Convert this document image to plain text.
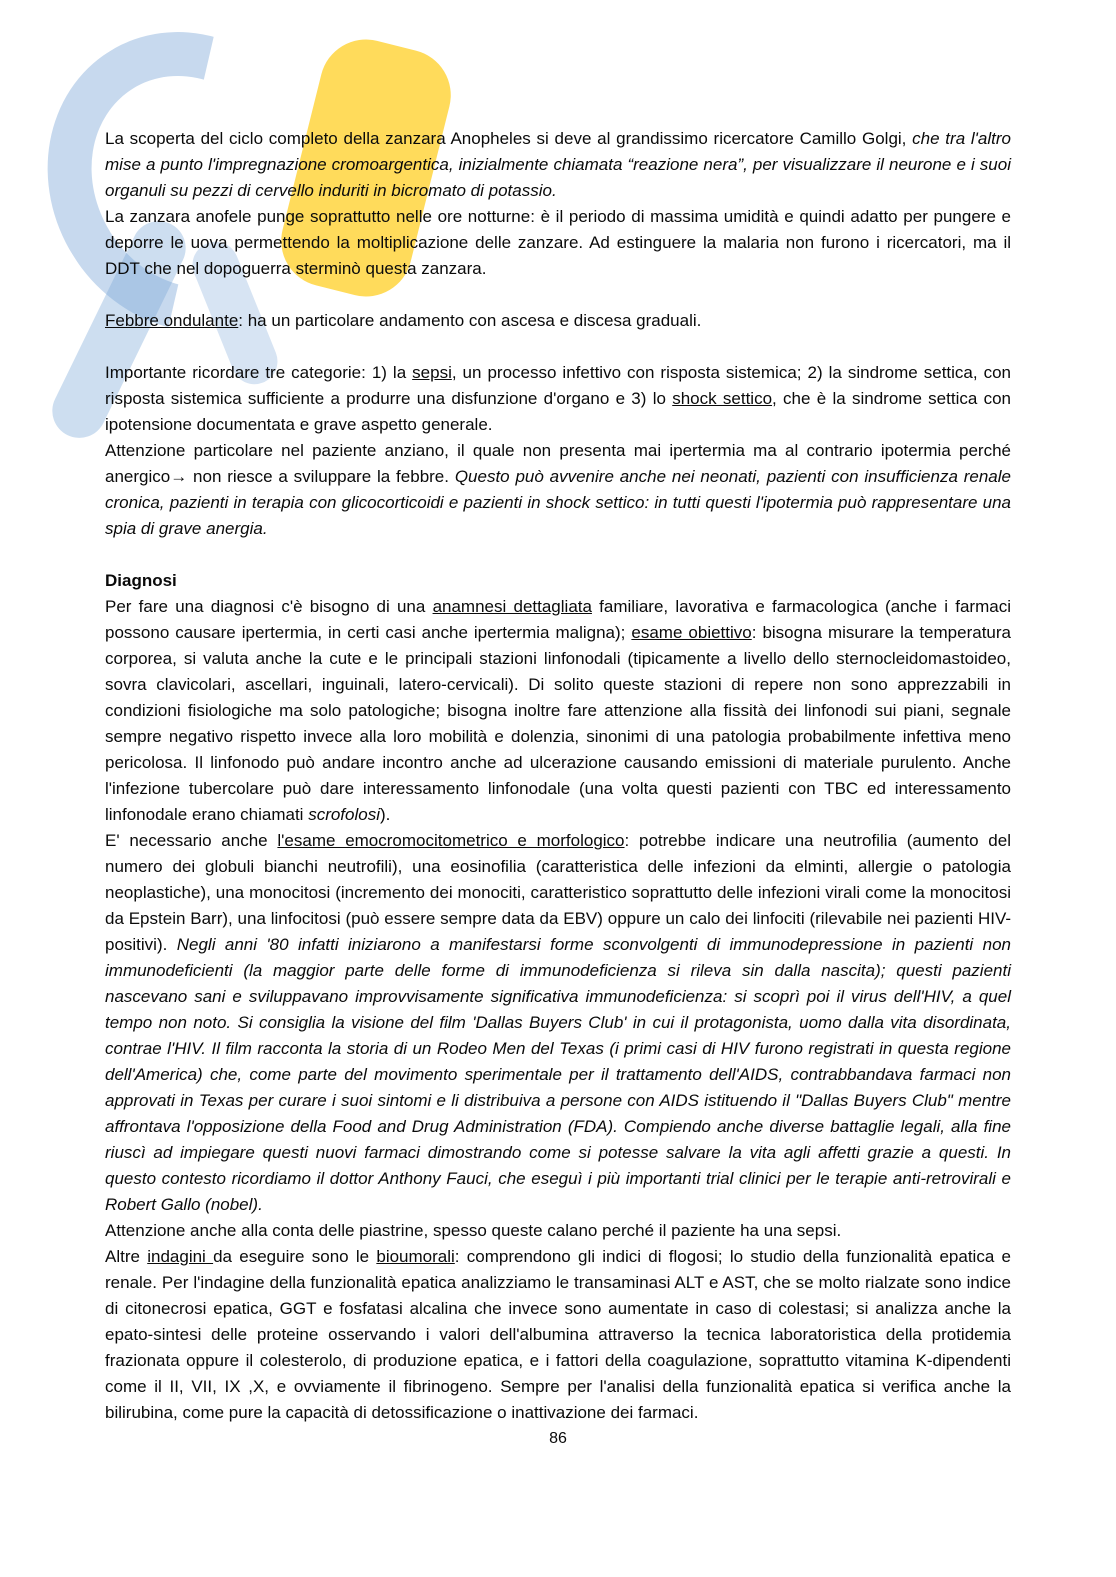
La scoperta del ciclo completo della zanzara Anopheles si deve al grandissimo ricercatore Camillo Golgi, che tra l'altro mise a punto l'impregnazione cromoargentica, inizialmente chiamata “reazione nera”, per visualizzare il neurone e i suoi organuli su pezzi di cervello induriti in bicromato di potassio.

La zanzara anofele punge soprattutto nelle ore notturne: è il periodo di massima umidità e quindi adatto per pungere e deporre le uova permettendo la moltiplicazione delle zanzare. Ad estinguere la malaria non furono i ricercatori, ma il DDT che nel dopoguerra sterminò questa zanzara.

Febbre ondulante: ha un particolare andamento con ascesa e discesa graduali.

Importante ricordare tre categorie: 1) la sepsi, un processo infettivo con risposta sistemica; 2) la sindrome settica, con risposta sistemica sufficiente a produrre una disfunzione d'organo e 3) lo shock settico, che è la sindrome settica con ipotensione documentata e grave aspetto generale.

Attenzione particolare nel paziente anziano, il quale non presenta mai ipertermia ma al contrario ipotermia perché anergico→ non riesce a sviluppare la febbre. Questo può avvenire anche nei neonati, pazienti con insufficienza renale cronica, pazienti in terapia con glicocorticoidi e pazienti in shock settico: in tutti questi l'ipotermia può rappresentare una spia di grave anergia.

Diagnosi

Per fare una diagnosi c'è bisogno di una anamnesi dettagliata familiare, lavorativa e farmacologica (anche i farmaci possono causare ipertermia, in certi casi anche ipertermia maligna); esame obiettivo: bisogna misurare la temperatura corporea, si valuta anche la cute e le principali stazioni linfonodali (tipicamente a livello dello sternocleidomastoideo, sovra clavicolari, ascellari, inguinali, latero-cervicali). Di solito queste stazioni di repere non sono apprezzabili in condizioni fisiologiche ma solo patologiche; bisogna inoltre fare attenzione alla fissità dei linfonodi sui piani, segnale sempre negativo rispetto invece alla loro mobilità e dolenzia, sinonimi di una patologia probabilmente infettiva meno pericolosa. Il linfonodo può andare incontro anche ad ulcerazione causando emissioni di materiale purulento. Anche l'infezione tubercolare può dare interessamento linfonodale (una volta questi pazienti con TBC ed interessamento linfonodale erano chiamati scrofolosi).

E' necessario anche l'esame emocromocitometrico e morfologico: potrebbe indicare una neutrofilia (aumento del numero dei globuli bianchi neutrofili), una eosinofilia (caratteristica delle infezioni da elminti, allergie o patologia neoplastiche), una monocitosi (incremento dei monociti, caratteristico soprattutto delle infezioni virali come la monocitosi da Epstein Barr), una linfocitosi (può essere sempre data da EBV) oppure un calo dei linfociti (rilevabile nei pazienti HIV-positivi). Negli anni '80 infatti iniziarono a manifestarsi forme sconvolgenti di immunodepressione in pazienti non immunodeficienti (la maggior parte delle forme di immunodeficienza si rileva sin dalla nascita); questi pazienti nascevano sani e sviluppavano improvvisamente significativa immunodeficienza: si scoprì poi il virus dell'HIV, a quel tempo non noto. Si consiglia la visione del film 'Dallas Buyers Club' in cui il protagonista, uomo dalla vita disordinata, contrae l'HIV. Il film racconta la storia di un Rodeo Men del Texas (i primi casi di HIV furono registrati in questa regione dell'America) che, come parte del movimento sperimentale per il trattamento dell'AIDS, contrabbandava farmaci non approvati in Texas per curare i suoi sintomi e li distribuiva a persone con AIDS istituendo il "Dallas Buyers Club" mentre affrontava l'opposizione della Food and Drug Administration (FDA). Compiendo anche diverse battaglie legali, alla fine riuscì ad impiegare questi nuovi farmaci dimostrando come si potesse salvare la vita agli affetti grazie a questi. In questo contesto ricordiamo il dottor Anthony Fauci, che eseguì i più importanti trial clinici per le terapie anti-retrovirali e Robert Gallo (nobel).

Attenzione anche alla conta delle piastrine, spesso queste calano perché il paziente ha una sepsi.

Altre indagini da eseguire sono le bioumorali: comprendono gli indici di flogosi; lo studio della funzionalità epatica e renale. Per l'indagine della funzionalità epatica analizziamo le transaminasi ALT e AST, che se molto rialzate sono indice di citonecrosi epatica, GGT e fosfatasi alcalina che invece sono aumentate in caso di colestasi; si analizza anche la epato-sintesi delle proteine osservando i valori dell'albumina attraverso la tecnica laboratoristica della protidemia frazionata oppure il colesterolo, di produzione epatica, e i fattori della coagulazione, soprattutto vitamina K-dipendenti come il II, VII, IX ,X, e ovviamente il fibrinogeno. Sempre per l'analisi della funzionalità epatica si verifica anche la bilirubina, come pure la capacità di detossificazione o inattivazione dei farmaci.

86
